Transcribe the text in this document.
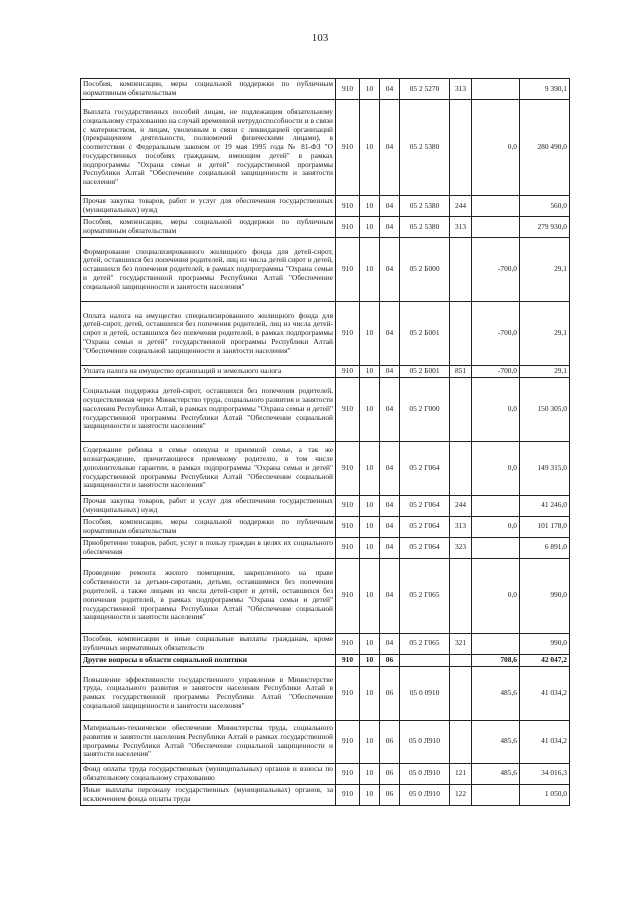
103
Пособия, компенсации, меры социальной поддержки по публичным нормативным обязательствам	910	10	04	05 2 5270	313		9 390,1
Выплата государственных пособий лицам, не подлежащим обязательному социальному страхованию на случай временной нетрудоспособности и в связи с материнством, и лицам, уволенным в связи с ликвидацией организаций (прекращением деятельности, полномочий физическими лицами), в соответствии с Федеральным законом от 19 мая 1995 года № 81-ФЗ "О государственных пособиях гражданам, имеющим детей" в рамках подпрограммы "Охрана семьи и детей" государственной программы Республики Алтай "Обеспечение социальной защищенности и занятости населения"	910	10	04	05 2 5380		0,0	280 490,0
Прочая закупка товаров, работ и услуг для обеспечения государственных (муниципальных) нужд	910	10	04	05 2 5380	244		560,0
Пособия, компенсации, меры социальной поддержки по публичным нормативным обязательствам	910	10	04	05 2 5380	313		279 930,0
Формирование специализированного жилищного фонда для детей-сирот, детей, оставшихся без попечения родителей, лиц из числа детей сирот и детей, оставшихся без попечения родителей, в рамках подпрограммы "Охрана семьи и детей" государственной программы Республики Алтай "Обеспечение социальной защищенности и занятости населения"	910	10	04	05 2 Б000		-700,0	29,1
Оплата налога на имущество специализированного жилищного фонда для детей-сирот, детей, оставшихся без попечения родителей, лиц из числа детей-сирот и детей, оставшихся без попечения родителей, в рамках подпрограммы "Охрана семьи и детей" государственной программы Республики Алтай "Обеспечение социальной защищенности и занятости населения"	910	10	04	05 2 Б001		-700,0	29,1
Уплата налога на имущество организаций и земельного налога	910	10	04	05 2 Б001	851	-700,0	29,1
Социальная поддержка детей-сирот, оставшихся без попечения родителей, осуществляемая через Министерство труда, социального развития и занятости населения Республики Алтай, в рамках подпрограммы "Охрана семьи и детей" государственной программы Республики Алтай "Обеспечение социальной защищенности и занятости населения"	910	10	04	05 2 Г000		0,0	150 305,0
Содержание ребенка в семье опекуна и приемной семье, а так же вознаграждение, причитающееся приемному родителю, в том числе дополнительные гарантии, в рамках подпрограммы "Охрана семьи и детей" государственной программы Республики Алтай "Обеспечение социальной защищенности и занятости населения"	910	10	04	05 2 Г064		0,0	149 315,0
Прочая закупка товаров, работ и услуг для обеспечения государственных (муниципальных) нужд	910	10	04	05 2 Г064	244		41 246,0
Пособия, компенсации, меры социальной поддержки по публичным нормативным обязательствам	910	10	04	05 2 Г064	313	0,0	101 178,0
Приобретение товаров, работ, услуг в пользу граждан в целях их социального обеспечения	910	10	04	05 2 Г064	323		6 891,0
Проведение ремонта жилого помещения, закрепленного на праве собственности за детьми-сиротами, детьми, оставшимися без попечения родителей, а также лицами из числа детей-сирот и детей, оставшихся без попечения родителей, в рамках подпрограммы "Охрана семьи и детей" государственной программы Республики Алтай "Обеспечение социальной защищенности и занятости населения"	910	10	04	05 2 Г065		0,0	990,0
Пособия, компенсации и иные социальные выплаты гражданам, кроме публичных нормативных обязательств	910	10	04	05 2 Г065	321		990,0
Другие вопросы в области социальной политики	910	10	06			708,6	42 047,2
Повышение эффективности государственного управления в Министерстве труда, социального развития и занятости населения Республики Алтай в рамках государственной программы Республики Алтай "Обеспечение социальной защищенности и занятости населения"	910	10	06	05 0 0910		485,6	41 034,2
Материально-техническое обеспечение Министерства труда, социального развития и занятости населения Республики Алтай в рамках государственной программы Республики Алтай "Обеспечение социальной защищенности и занятости населения"	910	10	06	05 0 Л910		485,6	41 034,2
Фонд оплаты труда государственных (муниципальных) органов и взносы по обязательному социальному страхованию	910	10	06	05 0 Л910	121	485,6	34 016,3
Иные выплаты персоналу государственных (муниципальных) органов, за исключением фонда оплаты труда	910	10	06	05 0 Л910	122		1 050,0
